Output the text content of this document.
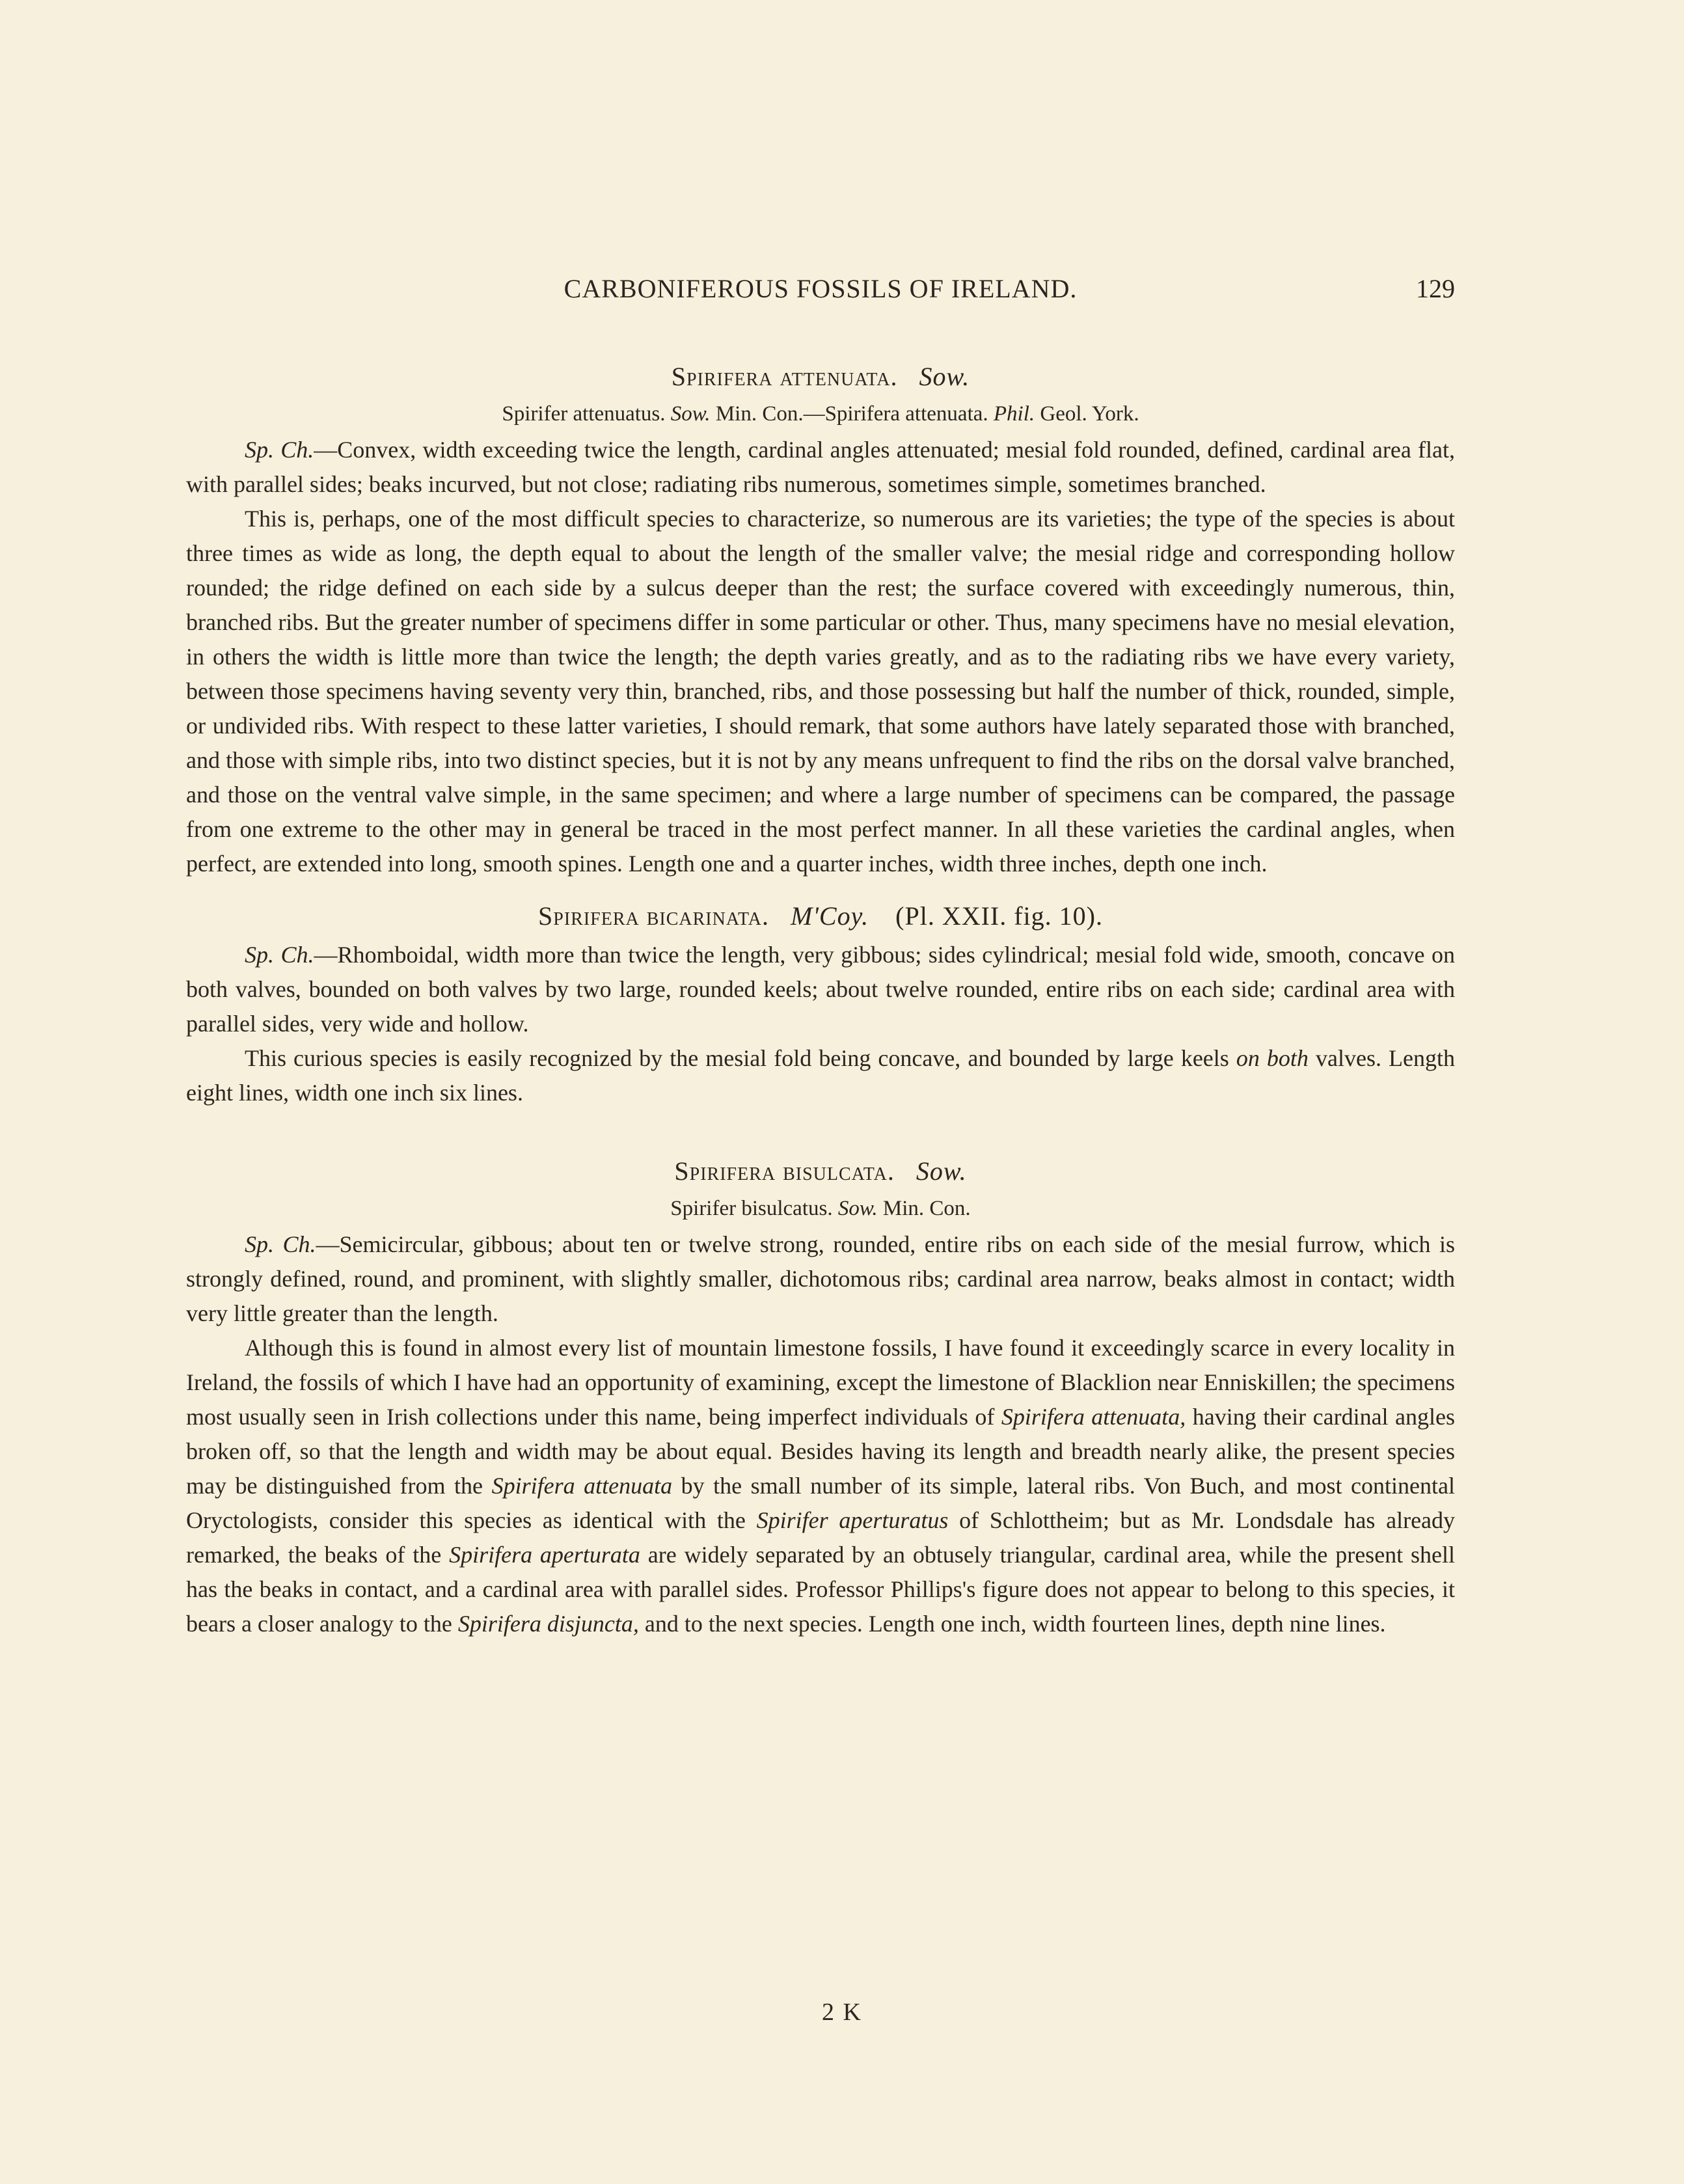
CARBONIFEROUS FOSSILS OF IRELAND.	129
Spirifera attenuata. Sow.
Spirifer attenuatus. Sow. Min. Con.—Spirifera attenuata. Phil. Geol. York.

Sp. Ch.—Convex, width exceeding twice the length, cardinal angles attenuated; mesial fold rounded, defined, cardinal area flat, with parallel sides; beaks incurved, but not close; radiating ribs numerous, sometimes simple, sometimes branched.

This is, perhaps, one of the most difficult species to characterize, so numerous are its varieties; the type of the species is about three times as wide as long, the depth equal to about the length of the smaller valve; the mesial ridge and corresponding hollow rounded; the ridge defined on each side by a sulcus deeper than the rest; the surface covered with exceedingly numerous, thin, branched ribs. But the greater number of specimens differ in some particular or other. Thus, many specimens have no mesial elevation, in others the width is little more than twice the length; the depth varies greatly, and as to the radiating ribs we have every variety, between those specimens having seventy very thin, branched, ribs, and those possessing but half the number of thick, rounded, simple, or undivided ribs. With respect to these latter varieties, I should remark, that some authors have lately separated those with branched, and those with simple ribs, into two distinct species, but it is not by any means unfrequent to find the ribs on the dorsal valve branched, and those on the ventral valve simple, in the same specimen; and where a large number of specimens can be compared, the passage from one extreme to the other may in general be traced in the most perfect manner. In all these varieties the cardinal angles, when perfect, are extended into long, smooth spines. Length one and a quarter inches, width three inches, depth one inch.

Spirifera bicarinata. M'Coy. (Pl. XXII. fig. 10).

Sp. Ch.—Rhomboidal, width more than twice the length, very gibbous; sides cylindrical; mesial fold wide, smooth, concave on both valves, bounded on both valves by two large, rounded keels; about twelve rounded, entire ribs on each side; cardinal area with parallel sides, very wide and hollow.

This curious species is easily recognized by the mesial fold being concave, and bounded by large keels on both valves. Length eight lines, width one inch six lines.

Spirifera bisulcata. Sow.
Spirifer bisulcatus. Sow. Min. Con.

Sp. Ch.—Semicircular, gibbous; about ten or twelve strong, rounded, entire ribs on each side of the mesial furrow, which is strongly defined, round, and prominent, with slightly smaller, dichotomous ribs; cardinal area narrow, beaks almost in contact; width very little greater than the length.

Although this is found in almost every list of mountain limestone fossils, I have found it exceedingly scarce in every locality in Ireland, the fossils of which I have had an opportunity of examining, except the limestone of Blacklion near Enniskillen; the specimens most usually seen in Irish collections under this name, being imperfect individuals of Spirifera attenuata, having their cardinal angles broken off, so that the length and width may be about equal. Besides having its length and breadth nearly alike, the present species may be distinguished from the Spirifera attenuata by the small number of its simple, lateral ribs. Von Buch, and most continental Oryctologists, consider this species as identical with the Spirifer aperturatus of Schlottheim; but as Mr. Londsdale has already remarked, the beaks of the Spirifera aperturata are widely separated by an obtusely triangular, cardinal area, while the present shell has the beaks in contact, and a cardinal area with parallel sides. Professor Phillips's figure does not appear to belong to this species, it bears a closer analogy to the Spirifera disjuncta, and to the next species. Length one inch, width fourteen lines, depth nine lines.

2 K
